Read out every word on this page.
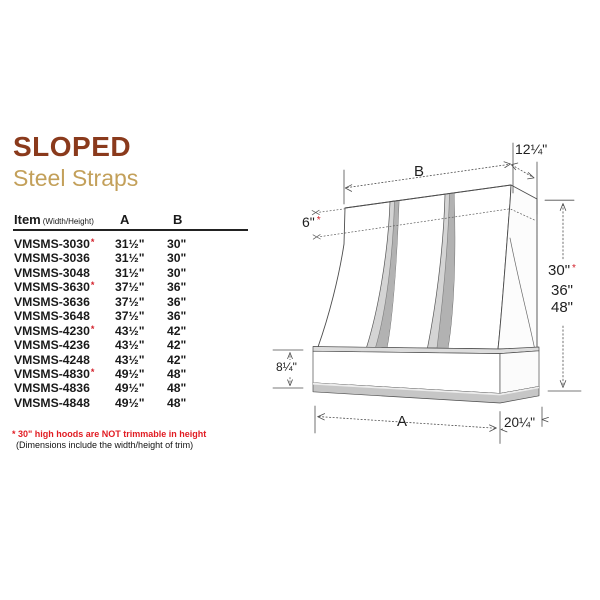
SLOPED
Steel Straps
Item (Width/Height)	A	B
VMSMS-3030*	31½"	30"
VMSMS-3036	31½"	30"
VMSMS-3048	31½"	30"
VMSMS-3630*	37½"	36"
VMSMS-3636	37½"	36"
VMSMS-3648	37½"	36"
VMSMS-4230*	43½"	42"
VMSMS-4236	43½"	42"
VMSMS-4248	43½"	42"
VMSMS-4830*	49½"	48"
VMSMS-4836	49½"	48"
VMSMS-4848	49½"	48"
* 30" high hoods are NOT trimmable in height
(Dimensions include the width/height of trim)
B
12¼"
6" *
30" *
36"
48"
8¼"
A	20¼"
